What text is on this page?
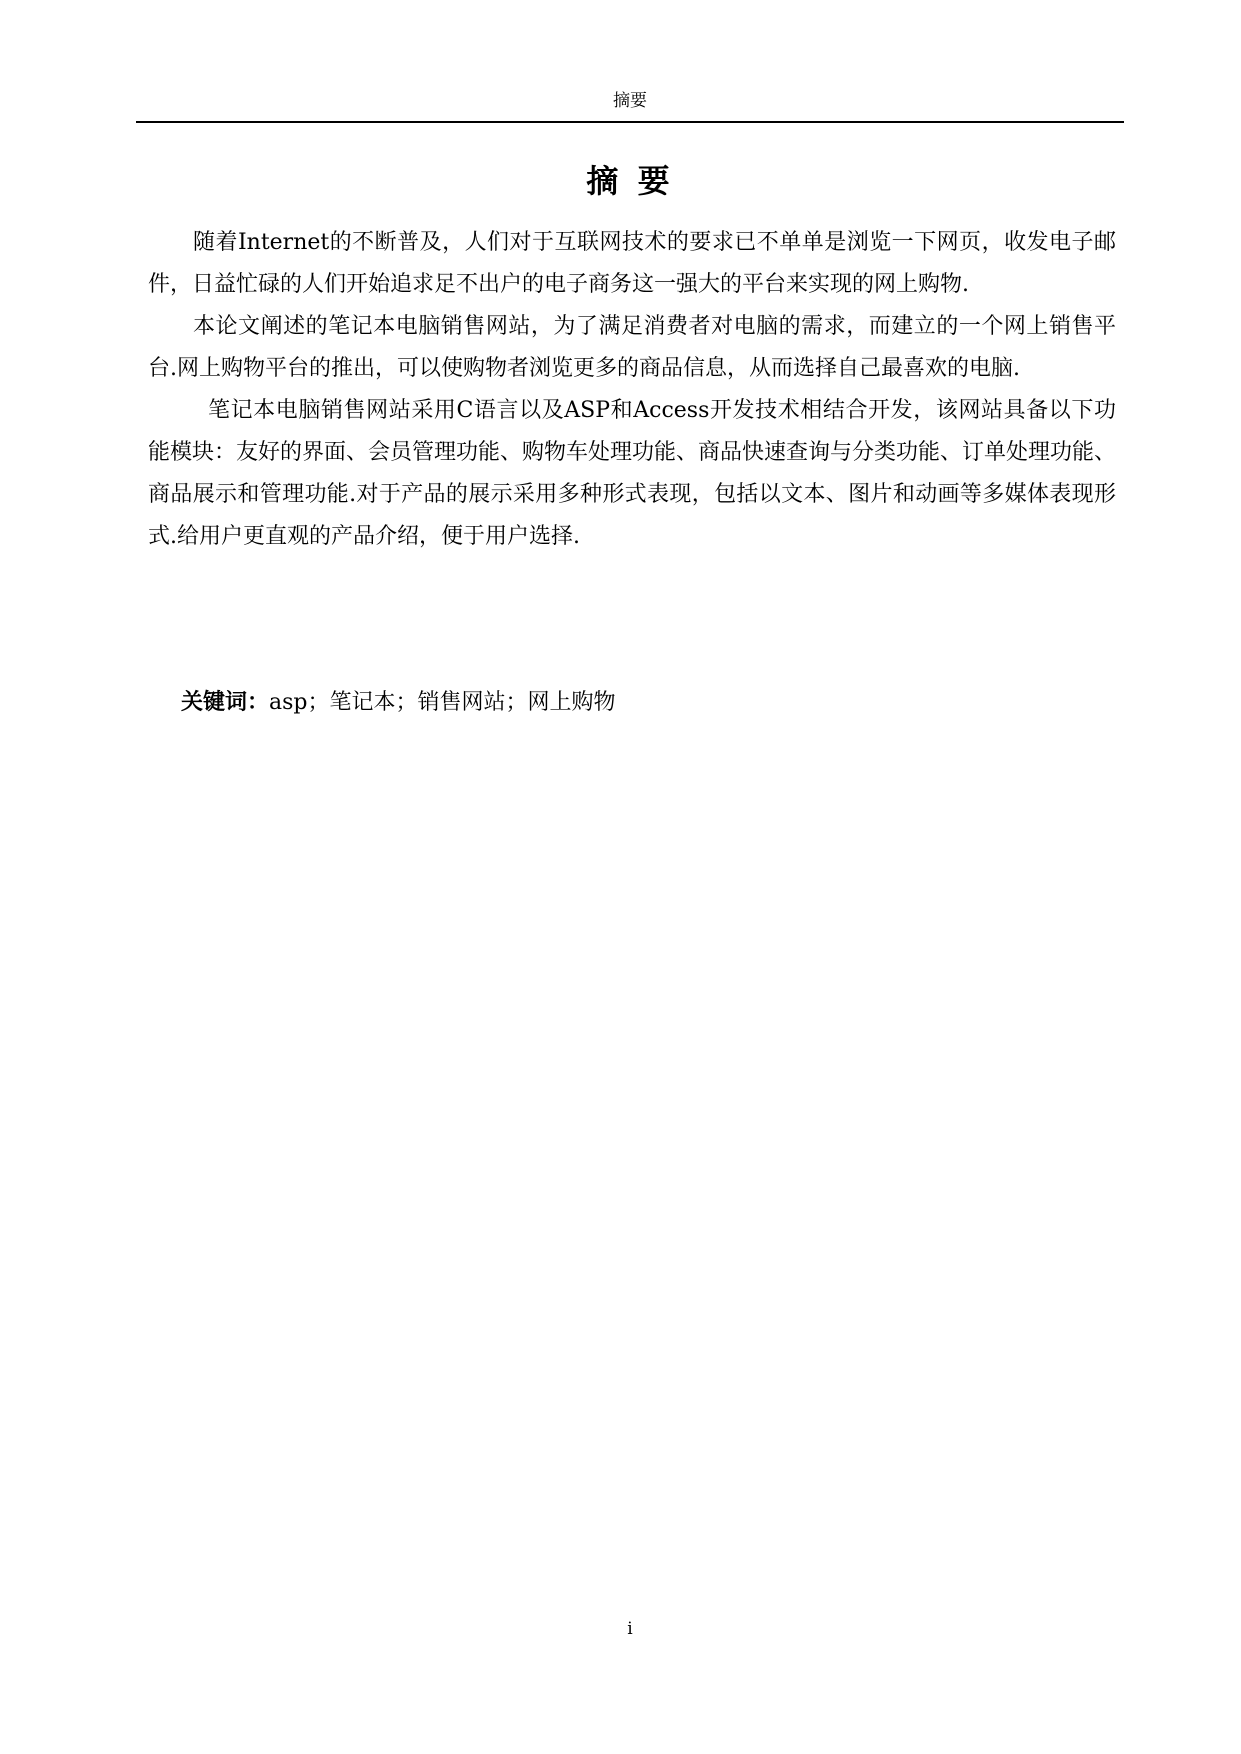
摘要
摘 要

随着Internet的不断普及，人们对于互联网技术的要求已不单单是浏览一下网页，收发电子邮件，日益忙碌的人们开始追求足不出户的电子商务这一强大的平台来实现的网上购物.

本论文阐述的笔记本电脑销售网站，为了满足消费者对电脑的需求，而建立的一个网上销售平台.网上购物平台的推出，可以使购物者浏览更多的商品信息，从而选择自己最喜欢的电脑.

笔记本电脑销售网站采用C语言以及ASP和Access开发技术相结合开发，该网站具备以下功能模块：友好的界面、会员管理功能、购物车处理功能、商品快速查询与分类功能、订单处理功能、商品展示和管理功能.对于产品的展示采用多种形式表现，包括以文本、图片和动画等多媒体表现形式.给用户更直观的产品介绍，便于用户选择.

关键词：asp；笔记本；销售网站；网上购物
i
